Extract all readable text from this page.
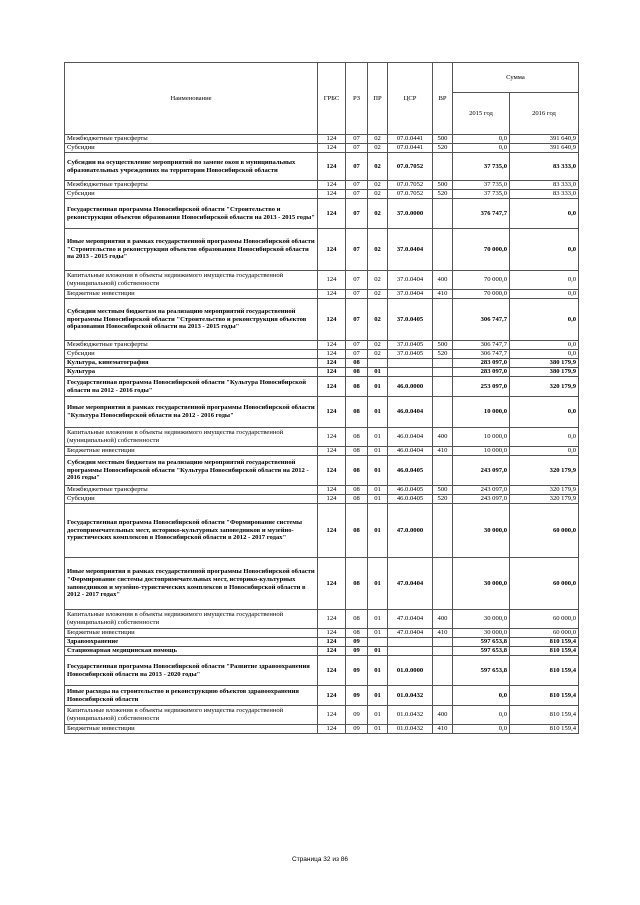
Наименование	ГРБС	РЗ	ПР	ЦСР	ВР	Сумма	
						2015 год	2016 год
Межбюджетные трансферты	124	07	02	07.0.0441	500	0,0	391 640,9
Субсидии	124	07	02	07.0.0441	520	0,0	391 640,9
Субсидии на осуществление мероприятий по замене окон в муниципальных образовательных учреждениях на территории Новосибирской области	124	07	02	07.0.7052		37 735,0	83 333,0
Межбюджетные трансферты	124	07	02	07.0.7052	500	37 735,0	83 333,0
Субсидии	124	07	02	07.0.7052	520	37 735,0	83 333,0
Государственная программа Новосибирской области "Строительство и реконструкция объектов образования Новосибирской области на 2013 - 2015 годы"	124	07	02	37.0.0000		376 747,7	0,0
Иные мероприятия в рамках государственной программы Новосибирской области "Строительство и реконструкция объектов образования Новосибирской области на 2013 - 2015 годы"	124	07	02	37.0.0404		70 000,0	0,0
Капитальные вложения в объекты недвижимого имущества государственной (муниципальной) собственности	124	07	02	37.0.0404	400	70 000,0	0,0
Бюджетные инвестиции	124	07	02	37.0.0404	410	70 000,0	0,0
Субсидии местным бюджетам на реализацию мероприятий государственной программы Новосибирской области "Строительство и реконструкция объектов образования Новосибирской области на 2013 - 2015 годы"	124	07	02	37.0.0405		306 747,7	0,0
Межбюджетные трансферты	124	07	02	37.0.0405	500	306 747,7	0,0
Субсидии	124	07	02	37.0.0405	520	306 747,7	0,0
Культура, кинематография	124	08				283 097,0	380 179,9
Культура	124	08	01			283 097,0	380 179,9
Государственная программа Новосибирской области "Культура Новосибирской области на 2012 - 2016 годы"	124	08	01	46.0.0000		253 097,0	320 179,9
Иные мероприятия в рамках государственной программы Новосибирской области "Культура Новосибирской области на 2012 - 2016 годы"	124	08	01	46.0.0404		10 000,0	0,0
Капитальные вложения в объекты недвижимого имущества государственной (муниципальной) собственности	124	08	01	46.0.0404	400	10 000,0	0,0
Бюджетные инвестиции	124	08	01	46.0.0404	410	10 000,0	0,0
Субсидии местным бюджетам на реализацию мероприятий государственной программы Новосибирской области "Культура Новосибирской области на 2012 - 2016 годы"	124	08	01	46.0.0405		243 097,0	320 179,9
Межбюджетные трансферты	124	08	01	46.0.0405	500	243 097,0	320 179,9
Субсидии	124	08	01	46.0.0405	520	243 097,0	320 179,9
Государственная программа Новосибирской области "Формирование системы достопримечательных мест, историко-культурных заповедников и музейно-туристических комплексов в Новосибирской области в 2012 - 2017 годах"	124	08	01	47.0.0000		30 000,0	60 000,0
Иные мероприятия в рамках государственной программы Новосибирской области "Формирование системы достопримечательных мест, историко-культурных заповедников и музейно-туристических комплексов в Новосибирской области в 2012 - 2017 годах"	124	08	01	47.0.0404		30 000,0	60 000,0
Капитальные вложения в объекты недвижимого имущества государственной (муниципальной) собственности	124	08	01	47.0.0404	400	30 000,0	60 000,0
Бюджетные инвестиции	124	08	01	47.0.0404	410	30 000,0	60 000,0
Здравоохранение	124	09				597 653,8	810 159,4
Стационарная медицинская помощь	124	09	01			597 653,8	810 159,4
Государственная программа Новосибирской области "Развитие здравоохранения Новосибирской области на 2013 - 2020 годы"	124	09	01	01.0.0000		597 653,8	810 159,4
Иные расходы на строительство и реконструкцию объектов здравоохранения Новосибирской области	124	09	01	01.0.0432		0,0	810 159,4
Капитальные вложения в объекты недвижимого имущества государственной (муниципальной) собственности	124	09	01	01.0.0432	400	0,0	810 159,4
Бюджетные инвестиции	124	09	01	01.0.0432	410	0,0	810 159,4
Страница 32 из 86
